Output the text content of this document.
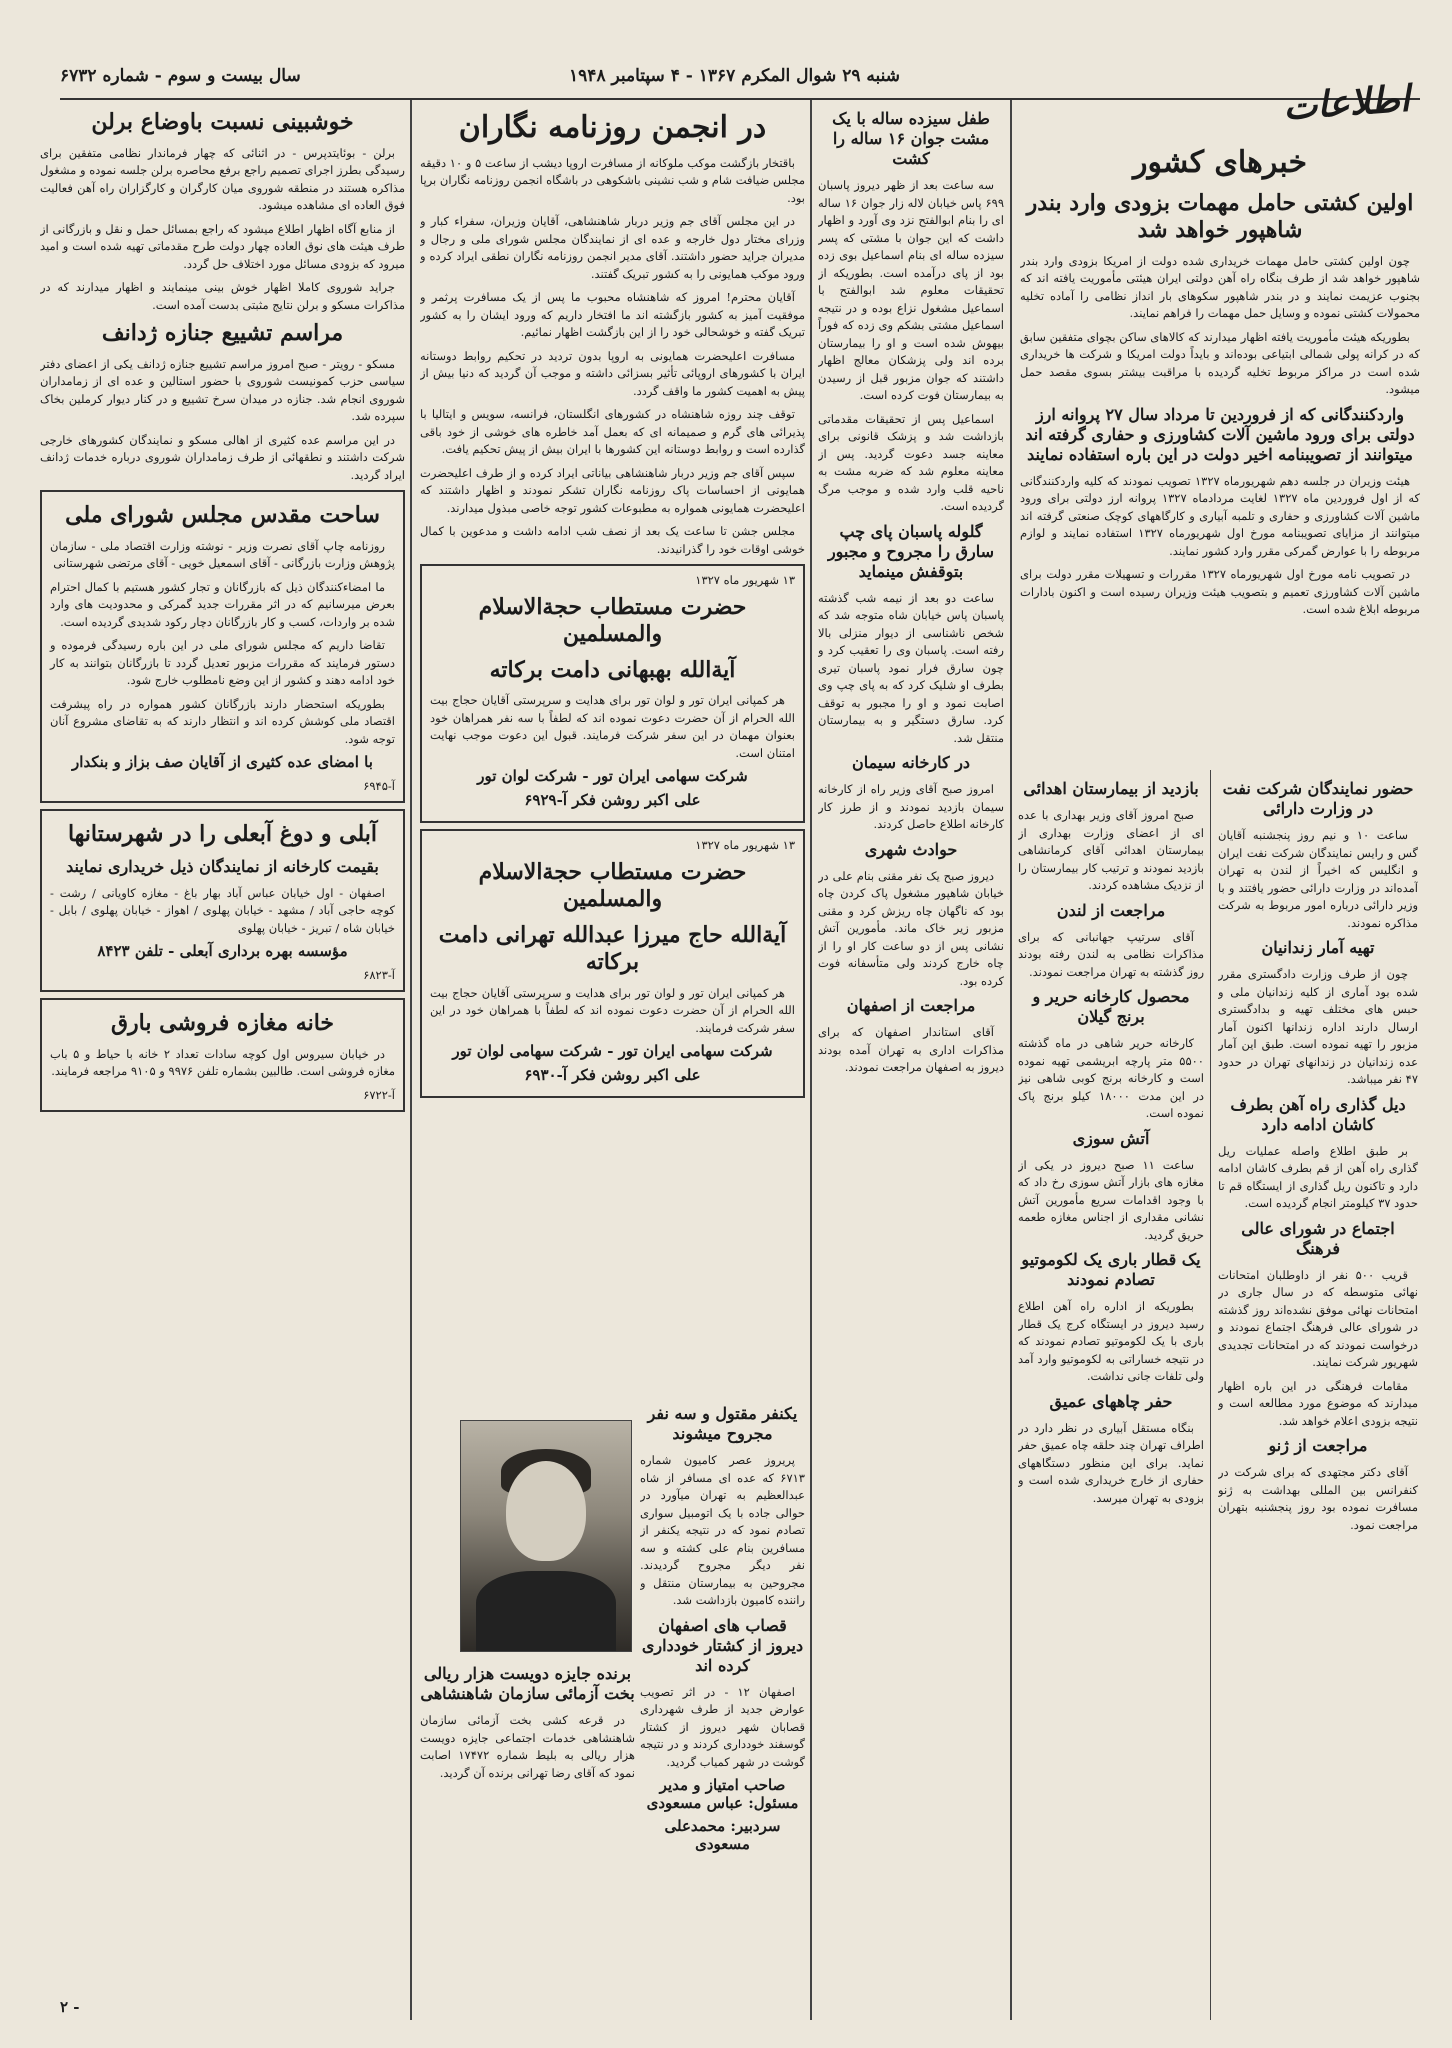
شنبه ۲۹ شوال المکرم ۱۳۶۷ - ۴ سپتامبر ۱۹۴۸
سال بیست و سوم - شماره ۶۷۳۲
اطلاعات
خبرهای کشور
اولین کشتی حامل مهمات بزودی وارد بندر شاهپور خواهد شد

چون اولین کشتی حامل مهمات خریداری شده دولت از امریکا بزودی وارد بندر شاهپور خواهد شد از طرف بنگاه راه آهن دولتی ایران هیئتی مأموریت یافته اند که بجنوب عزیمت نمایند و در بندر شاهپور سکوهای بار انداز نظامی را آماده تخلیه محمولات کشتی نموده و وسایل حمل مهمات را فراهم نمایند.

بطوریکه هیئت مأموریت یافته اظهار میدارند که کالاهای ساکن بچوای متفقین سابق که در کرانه پولی شمالی ابتیاعی بوده‌اند و بایداً دولت امریکا و شرکت ها خریداری شده است در مراکز مربوط تخلیه گردیده با مراقبت بیشتر بسوی مقصد حمل میشود.

واردکنندگانی که از فروردین تا مرداد سال ۲۷ پروانه ارز دولتی برای ورود ماشین آلات کشاورزی و حفاری گرفته اند میتوانند از تصویبنامه اخیر دولت در این باره استفاده نمایند

هیئت وزیران در جلسه دهم شهریورماه ۱۳۲۷ تصویب نمودند که کلیه واردکنندگانی که از اول فروردین ماه ۱۳۲۷ لغایت مردادماه ۱۳۲۷ پروانه ارز دولتی برای ورود ماشین آلات کشاورزی و حفاری و تلمبه آبیاری و کارگاههای کوچک صنعتی گرفته اند میتوانند از مزایای تصویبنامه مورخ اول شهریورماه ۱۳۲۷ استفاده نمایند و لوازم مربوطه را با عوارض گمرکی مقرر وارد کشور نمایند.

در تصویب نامه مورخ اول شهریورماه ۱۳۲۷ مقررات و تسهیلات مقرر دولت برای ماشین آلات کشاورزی تعمیم و بتصویب هیئت وزیران رسیده است و اکنون بادارات مربوطه ابلاغ شده است.

حضور نمایندگان شرکت نفت در وزارت دارائی

ساعت ۱۰ و نیم روز پنجشنبه آقایان گس و رایس نمایندگان شرکت نفت ایران و انگلیس که اخیراً از لندن به تهران آمده‌اند در وزارت دارائی حضور یافتند و با وزیر دارائی درباره امور مربوط به شرکت مذاکره نمودند.

تهیه آمار زندانیان

چون از طرف وزارت دادگستری مقرر شده بود آماری از کلیه زندانیان ملی و حبس های مختلف تهیه و بدادگستری ارسال دارند اداره زندانها اکنون آمار مزبور را تهیه نموده است. طبق این آمار عده زندانیان در زندانهای تهران در حدود ۴۷ نفر میباشد.

دیل گذاری راه آهن بطرف کاشان ادامه دارد

بر طبق اطلاع واصله عملیات ریل گذاری راه آهن از قم بطرف کاشان ادامه دارد و تاکنون ریل گذاری از ایستگاه قم تا حدود ۳۷ کیلومتر انجام گردیده است.

اجتماع در شورای عالی فرهنگ

قریب ۵۰۰ نفر از داوطلبان امتحانات نهائی متوسطه که در سال جاری در امتحانات نهائی موفق نشده‌اند روز گذشته در شورای عالی فرهنگ اجتماع نمودند و درخواست نمودند که در امتحانات تجدیدی شهریور شرکت نمایند.

مقامات فرهنگی در این باره اظهار میدارند که موضوع مورد مطالعه است و نتیجه بزودی اعلام خواهد شد.

مراجعت از ژنو

آقای دکتر مجتهدی که برای شرکت در کنفرانس بین المللی بهداشت به ژنو مسافرت نموده بود روز پنجشنبه بتهران مراجعت نمود.

بازدید از بیمارستان اهدائی

صبح امروز آقای وزیر بهداری با عده ای از اعضای وزارت بهداری از بیمارستان اهدائی آقای کرمانشاهی بازدید نمودند و ترتیب کار بیمارستان را از نزدیک مشاهده کردند.

مراجعت از لندن

آقای سرتیپ جهانبانی که برای مذاکرات نظامی به لندن رفته بودند روز گذشته به تهران مراجعت نمودند.

محصول کارخانه حریر و برنج گیلان

کارخانه حریر شاهی در ماه گذشته ۵۵۰۰ متر پارچه ابریشمی تهیه نموده است و کارخانه برنج کوبی شاهی نیز در این مدت ۱۸۰۰۰ کیلو برنج پاک نموده است.

آتش سوزی

ساعت ۱۱ صبح دیروز در یکی از مغازه های بازار آتش سوزی رخ داد که با وجود اقدامات سریع مأمورین آتش نشانی مقداری از اجناس مغازه طعمه حریق گردید.

یک قطار باری یک لکوموتیو تصادم نمودند

بطوریکه از اداره راه آهن اطلاع رسید دیروز در ایستگاه کرج یک قطار باری با یک لکوموتیو تصادم نمودند که در نتیجه خساراتی به لکوموتیو وارد آمد ولی تلفات جانی نداشت.

حفر چاههای عمیق

بنگاه مستقل آبیاری در نظر دارد در اطراف تهران چند حلقه چاه عمیق حفر نماید. برای این منظور دستگاههای حفاری از خارج خریداری شده است و بزودی به تهران میرسد.

طفل سیزده ساله با یک مشت جوان ۱۶ ساله را کشت

سه ساعت بعد از ظهر دیروز پاسبان ۶۹۹ پاس خیابان لاله زار جوان ۱۶ ساله ای را بنام ابوالفتح نزد وی آورد و اظهار داشت که این جوان با مشتی که پسر سیزده ساله ای بنام اسماعیل بوی زده بود از پای درآمده است. بطوریکه از تحقیقات معلوم شد ابوالفتح با اسماعیل مشغول نزاع بوده و در نتیجه اسماعیل مشتی بشکم وی زده که فوراً بیهوش شده است و او را بیمارستان برده اند ولی پزشکان معالج اظهار داشتند که جوان مزبور قبل از رسیدن به بیمارستان فوت کرده است.

اسماعیل پس از تحقیقات مقدماتی بازداشت شد و پزشک قانونی برای معاینه جسد دعوت گردید. پس از معاینه معلوم شد که ضربه مشت به ناحیه قلب وارد شده و موجب مرگ گردیده است.

گلوله پاسبان پای چپ سارق را مجروح و مجبور بتوقفش مینماید

ساعت دو بعد از نیمه شب گذشته پاسبان پاس خیابان شاه متوجه شد که شخص ناشناسی از دیوار منزلی بالا رفته است. پاسبان وی را تعقیب کرد و چون سارق فرار نمود پاسبان تیری بطرف او شلیک کرد که به پای چپ وی اصابت نمود و او را مجبور به توقف کرد. سارق دستگیر و به بیمارستان منتقل شد.

در کارخانه سیمان

امروز صبح آقای وزیر راه از کارخانه سیمان بازدید نمودند و از طرز کار کارخانه اطلاع حاصل کردند.

حوادث شهری

دیروز صبح یک نفر مقنی بنام علی در خیابان شاهپور مشغول پاک کردن چاه بود که ناگهان چاه ریزش کرد و مقنی مزبور زیر خاک ماند. مأمورین آتش نشانی پس از دو ساعت کار او را از چاه خارج کردند ولی متأسفانه فوت کرده بود.

مراجعت از اصفهان

آقای استاندار اصفهان که برای مذاکرات اداری به تهران آمده بودند دیروز به اصفهان مراجعت نمودند.

در انجمن روزنامه نگاران

باقتخار بازگشت موکب ملوکانه از مسافرت اروپا دیشب از ساعت ۵ و ۱۰ دقیقه مجلس ضیافت شام و شب نشینی باشکوهی در باشگاه انجمن روزنامه نگاران برپا بود.

در این مجلس آقای جم وزیر دربار شاهنشاهی، آقایان وزیران، سفراء کبار و وزرای مختار دول خارجه و عده ای از نمایندگان مجلس شورای ملی و رجال و مدیران جراید حضور داشتند. آقای مدیر انجمن روزنامه نگاران نطقی ایراد کرده و ورود موکب همایونی را به کشور تبریک گفتند.

آقایان محترم! امروز که شاهنشاه محبوب ما پس از یک مسافرت پرثمر و موفقیت آمیز به کشور بازگشته اند ما افتخار داریم که ورود ایشان را به کشور تبریک گفته و خوشحالی خود را از این بازگشت اظهار نمائیم.

مسافرت اعلیحضرت همایونی به اروپا بدون تردید در تحکیم روابط دوستانه ایران با کشورهای اروپائی تأثیر بسزائی داشته و موجب آن گردید که دنیا بیش از پیش به اهمیت کشور ما واقف گردد.

توقف چند روزه شاهنشاه در کشورهای انگلستان، فرانسه، سویس و ایتالیا با پذیرائی های گرم و صمیمانه ای که بعمل آمد خاطره های خوشی از خود باقی گذارده است و روابط دوستانه این کشورها با ایران بیش از پیش تحکیم یافت.

سپس آقای جم وزیر دربار شاهنشاهی بیاناتی ایراد کرده و از طرف اعلیحضرت همایونی از احساسات پاک روزنامه نگاران تشکر نمودند و اظهار داشتند که اعلیحضرت همایونی همواره به مطبوعات کشور توجه خاصی مبذول میدارند.

مجلس جشن تا ساعت یک بعد از نصف شب ادامه داشت و مدعوین با کمال خوشی اوقات خود را گذرانیدند.

۱۳ شهریور ماه ۱۳۲۷
حضرت مستطاب حجةالاسلام والمسلمین
آیةالله بهبهانی دامت برکاته

هر کمپانی ایران تور و لوان تور برای هدایت و سرپرستی آقایان حجاج بیت الله الحرام از آن حضرت دعوت نموده اند که لطفاً با سه نفر همراهان خود بعنوان مهمان در این سفر شرکت فرمایند. قبول این دعوت موجب نهایت امتنان است.

شرکت سهامی ایران تور - شرکت لوان تور
علی اکبر روشن فکر آ-۶۹۲۹
۱۳ شهریور ماه ۱۳۲۷
حضرت مستطاب حجةالاسلام والمسلمین
آیةالله حاج میرزا عبدالله تهرانی دامت برکاته

هر کمپانی ایران تور و لوان تور برای هدایت و سرپرستی آقایان حجاج بیت الله الحرام از آن حضرت دعوت نموده اند که لطفاً با همراهان خود در این سفر شرکت فرمایند.

شرکت سهامی ایران تور - شرکت سهامی لوان تور
علی اکبر روشن فکر آ-۶۹۳۰
یکنفر مقتول و سه نفر مجروح میشوند

پریروز عصر کامیون شماره ۶۷۱۳ که عده ای مسافر از شاه عبدالعظیم به تهران میآورد در حوالی جاده با یک اتومبیل سواری تصادم نمود که در نتیجه یکنفر از مسافرین بنام علی کشته و سه نفر دیگر مجروح گردیدند. مجروحین به بیمارستان منتقل و راننده کامیون بازداشت شد.

قصاب های اصفهان دیروز از کشتار خودداری کرده اند

اصفهان ۱۲ - در اثر تصویب عوارض جدید از طرف شهرداری قصابان شهر دیروز از کشتار گوسفند خودداری کردند و در نتیجه گوشت در شهر کمیاب گردید.

صاحب امتیاز و مدیر مسئول: عباس مسعودی
سردبیر: محمدعلی مسعودی
برنده جایزه دویست هزار ریالی بخت آزمائی سازمان شاهنشاهی

در قرعه کشی بخت آزمائی سازمان شاهنشاهی خدمات اجتماعی جایزه دویست هزار ریالی به بلیط شماره ۱۷۴۷۲ اصابت نمود که آقای رضا تهرانی برنده آن گردید.

خوشبینی نسبت باوضاع برلن

برلن - بوئایتدپرس - در اثنائی که چهار فرماندار نظامی متفقین برای رسیدگی بطرز اجرای تصمیم راجع برفع محاصره برلن جلسه نموده و مشغول مذاکره هستند در منطقه شوروی میان کارگران و کارگزاران راه آهن فعالیت فوق العاده ای مشاهده میشود.

از منابع آگاه اظهار اطلاع میشود که راجع بمسائل حمل و نقل و بازرگانی از طرف هیئت های نوق العاده چهار دولت طرح مقدماتی تهیه شده است و امید میرود که بزودی مسائل مورد اختلاف حل گردد.

جراید شوروی کاملا اظهار خوش بینی مینمایند و اظهار میدارند که در مذاکرات مسکو و برلن نتایج مثبتی بدست آمده است.

مراسم تشییع جنازه ژدانف

مسکو - رویتر - صبح امروز مراسم تشییع جنازه ژدانف یکی از اعضای دفتر سیاسی حزب کمونیست شوروی با حضور استالین و عده ای از زمامداران شوروی انجام شد. جنازه در میدان سرخ تشییع و در کنار دیوار کرملین بخاک سپرده شد.

در این مراسم عده کثیری از اهالی مسکو و نمایندگان کشورهای خارجی شرکت داشتند و نطقهائی از طرف زمامداران شوروی درباره خدمات ژدانف ایراد گردید.

ساحت مقدس مجلس شورای ملی

روزنامه چاپ آقای نصرت وزیر - نوشته وزارت اقتصاد ملی - سازمان پژوهش وزارت بازرگانی - آقای اسمعیل خویی - آقای مرتضی شهرستانی

ما امضاءکنندگان ذیل که بازرگانان و تجار کشور هستیم با کمال احترام بعرض میرسانیم که در اثر مقررات جدید گمرکی و محدودیت های وارد شده بر واردات، کسب و کار بازرگانان دچار رکود شدیدی گردیده است.

تقاضا داریم که مجلس شورای ملی در این باره رسیدگی فرموده و دستور فرمایند که مقررات مزبور تعدیل گردد تا بازرگانان بتوانند به کار خود ادامه دهند و کشور از این وضع نامطلوب خارج شود.

بطوریکه استحضار دارند بازرگانان کشور همواره در راه پیشرفت اقتصاد ملی کوشش کرده اند و انتظار دارند که به تقاضای مشروع آنان توجه شود.

با امضای عده کثیری از آقایان صف بزاز و بنکدار
آ-۶۹۴۵
آبلی و دوغ آبعلی را در شهرستانها
بقیمت کارخانه از نمایندگان ذیل خریداری نمایند

اصفهان - اول خیابان عباس آباد بهار باغ - مغازه کاویانی / رشت - کوچه حاجی آباد / مشهد - خیابان پهلوی / اهواز - خیابان پهلوی / بابل - خیابان شاه / تبریز - خیابان پهلوی

مؤسسه بهره برداری آبعلی - تلفن ۸۴۲۳
آ-۶۸۲۳
خانه مغازه فروشی بارق

در خیابان سیروس اول کوچه سادات تعداد ۲ خانه با حیاط و ۵ باب مغازه فروشی است. طالبین بشماره تلفن ۹۹۷۶ و ۹۱۰۵ مراجعه فرمایند.

آ-۶۷۲۲
۲ -
